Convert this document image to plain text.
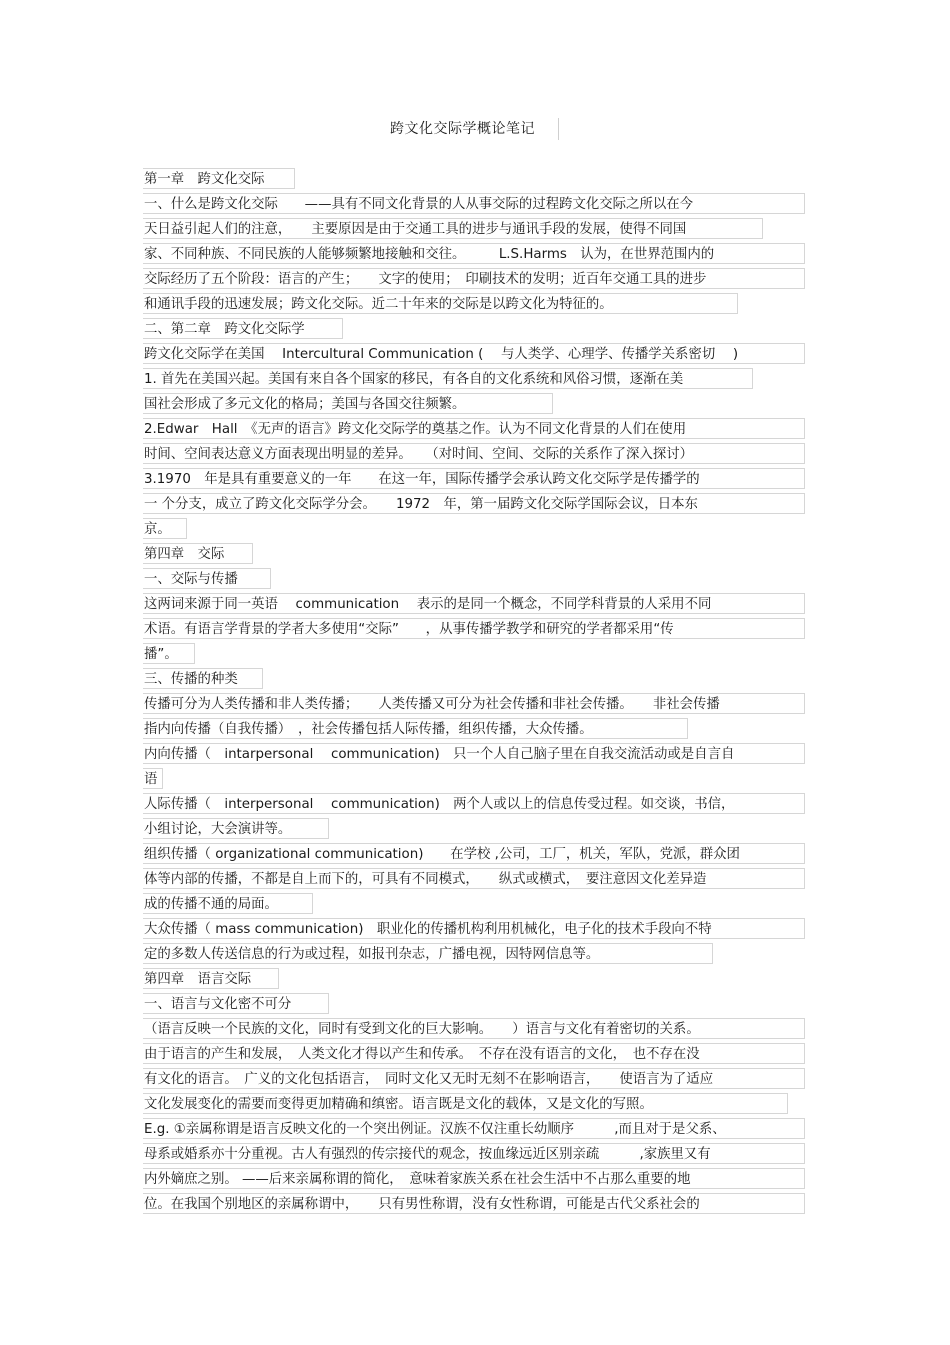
跨文化交际学概论笔记
第一章　跨文化交际
一、什么是跨文化交际　　——具有不同文化背景的人从事交际的过程跨文化交际之所以在今
天日益引起人们的注意，　　主要原因是由于交通工具的进步与通讯手段的发展，使得不同国
家、不同种族、不同民族的人能够频繁地接触和交往。　　　L.S.Harms　认为，在世界范围内的
交际经历了五个阶段：语言的产生；　　文字的使用；　印刷技术的发明；近百年交通工具的进步
和通讯手段的迅速发展；跨文化交际。近二十年来的交际是以跨文化为特征的。
二、第二章　跨文化交际学
跨文化交际学在美国　 Intercultural Communication (　 与人类学、心理学、传播学关系密切　 )
1. 首先在美国兴起。美国有来自各个国家的移民，有各自的文化系统和风俗习惯，逐渐在美
国社会形成了多元文化的格局；美国与各国交往频繁。
2.Edwar　Hall　《无声的语言》跨文化交际学的奠基之作。认为不同文化背景的人们在使用
时间、空间表达意义方面表现出明显的差异。　　（对时间、空间、交际的关系作了深入探讨）
3.1970　年是具有重要意义的一年　　在这一年，国际传播学会承认跨文化交际学是传播学的
一 个分支，成立了跨文化交际学分会。　　1972　年，第一届跨文化交际学国际会议，日本东
京。
第四章　交际
一、交际与传播
这两词来源于同一英语　 communication　 表示的是同一个概念，不同学科背景的人采用不同
术语。有语言学背景的学者大多使用“交际”　　，从事传播学教学和研究的学者都采用“传
播”。
三、传播的种类
传播可分为人类传播和非人类传播；　　人类传播又可分为社会传播和非社会传播。　　非社会传播
指内向传播（自我传播）　，社会传播包括人际传播，组织传播，大众传播。
内向传播（　intarpersonal　 communication)　只一个人自己脑子里在自我交流活动或是自言自
语
人际传播（　interpersonal　 communication)　两个人或以上的信息传受过程。如交谈，书信，
小组讨论，大会演讲等。
组织传播（ organizational communication)　　在学校 ,公司，工厂，机关，军队，党派，群众团
体等内部的传播，不都是自上而下的，可具有不同模式，　　纵式或横式，　要注意因文化差异造
成的传播不通的局面。
大众传播（ mass communication)　职业化的传播机构利用机械化，电子化的技术手段向不特
定的多数人传送信息的行为或过程，如报刊杂志，广播电视，因特网信息等。
第四章　语言交际
一、语言与文化密不可分
（语言反映一个民族的文化，同时有受到文化的巨大影响。　　）语言与文化有着密切的关系。
由于语言的产生和发展，　人类文化才得以产生和传承。　不存在没有语言的文化，　也不存在没
有文化的语言。　广义的文化包括语言，　同时文化又无时无刻不在影响语言，　　使语言为了适应
文化发展变化的需要而变得更加精确和缜密。语言既是文化的载体，又是文化的写照。
E.g. ①亲属称谓是语言反映文化的一个突出例证。汉族不仅注重长幼顺序　　　,而且对于是父系、
母系或婚系亦十分重视。古人有强烈的传宗接代的观念，按血缘远近区别亲疏　　　,家族里又有
内外嫡庶之别。 ——后来亲属称谓的简化，　意味着家族关系在社会生活中不占那么重要的地
位。在我国个别地区的亲属称谓中，　　只有男性称谓，没有女性称谓，可能是古代父系社会的
